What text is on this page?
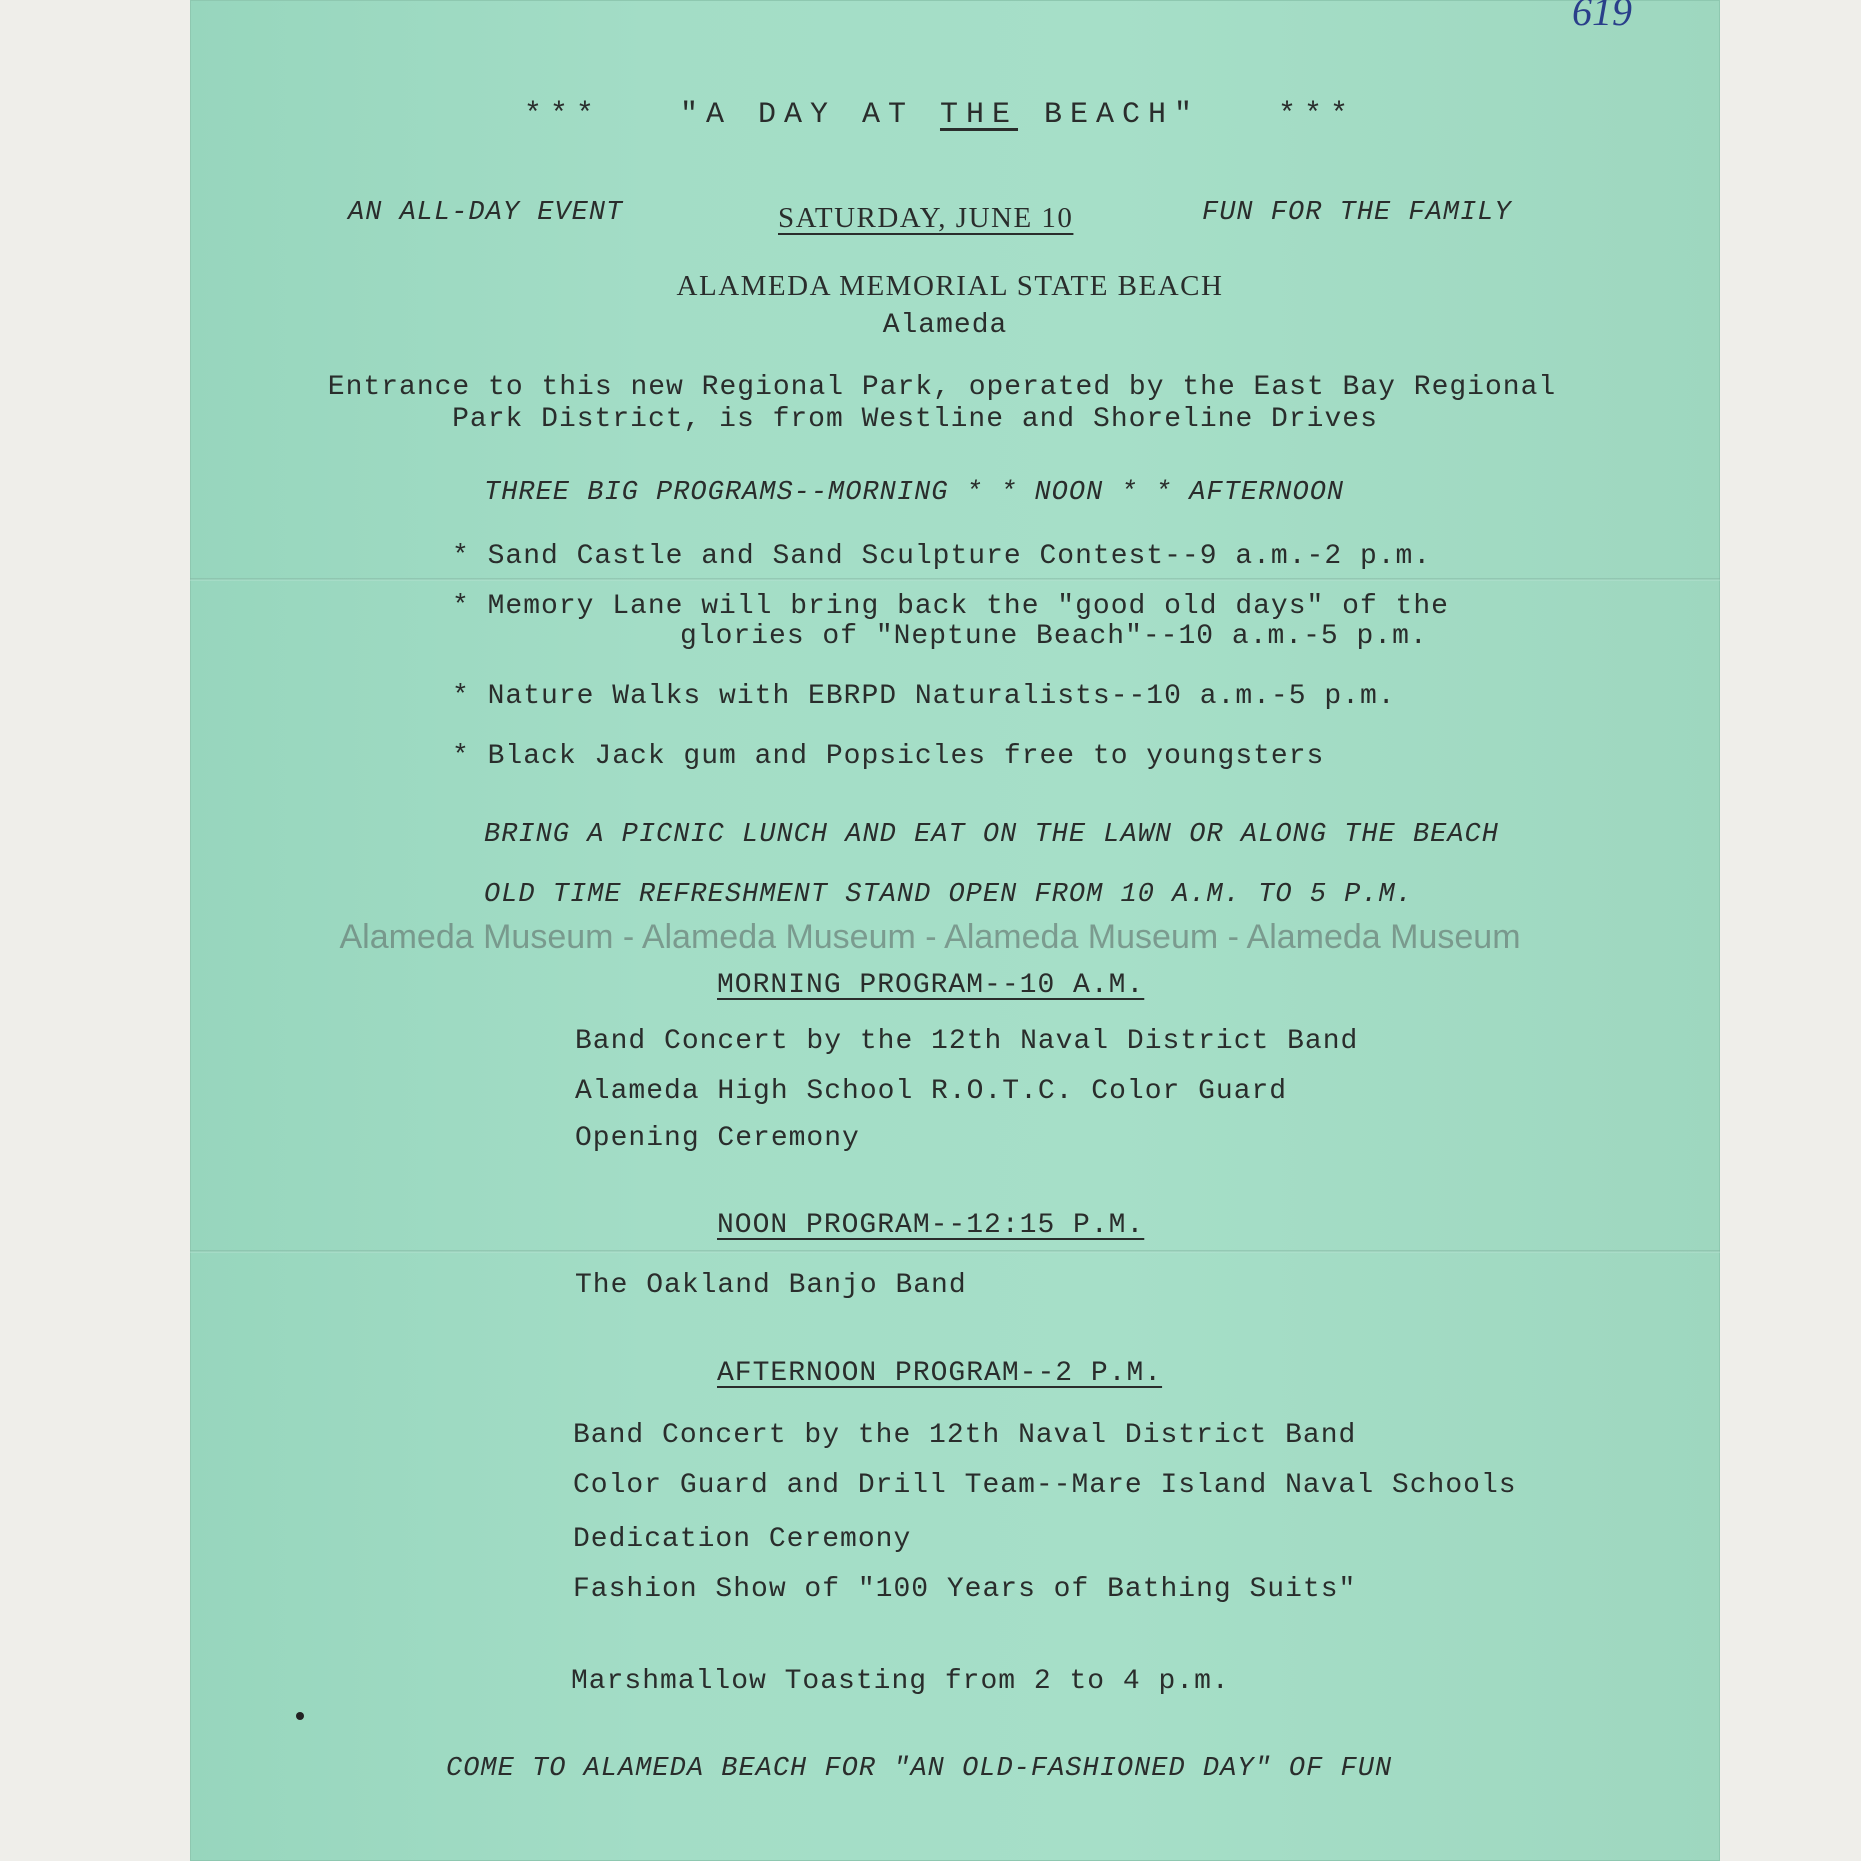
619
***	"A DAY AT THE BEACH"	***
AN ALL-DAY EVENT	SATURDAY, JUNE 10	FUN FOR THE FAMILY
ALAMEDA MEMORIAL STATE BEACH
Alameda
Entrance to this new Regional Park, operated by the East Bay Regional
Park District, is from Westline and Shoreline Drives
THREE BIG PROGRAMS--MORNING * * NOON * * AFTERNOON
* Sand Castle and Sand Sculpture Contest--9 a.m.-2 p.m.
* Memory Lane will bring back the "good old days" of the
glories of "Neptune Beach"--10 a.m.-5 p.m.
* Nature Walks with EBRPD Naturalists--10 a.m.-5 p.m.
* Black Jack gum and Popsicles free to youngsters
BRING A PICNIC LUNCH AND EAT ON THE LAWN OR ALONG THE BEACH
OLD TIME REFRESHMENT STAND OPEN FROM 10 A.M. TO 5 P.M.
Alameda Museum - Alameda Museum - Alameda Museum - Alameda Museum
MORNING PROGRAM--10 A.M.
Band Concert by the 12th Naval District Band
Alameda High School R.O.T.C. Color Guard
Opening Ceremony
NOON PROGRAM--12:15 P.M.
The Oakland Banjo Band
AFTERNOON PROGRAM--2 P.M.
Band Concert by the 12th Naval District Band
Color Guard and Drill Team--Mare Island Naval Schools
Dedication Ceremony
Fashion Show of "100 Years of Bathing Suits"
Marshmallow Toasting from 2 to 4 p.m.
COME TO ALAMEDA BEACH FOR "AN OLD-FASHIONED DAY" OF FUN
